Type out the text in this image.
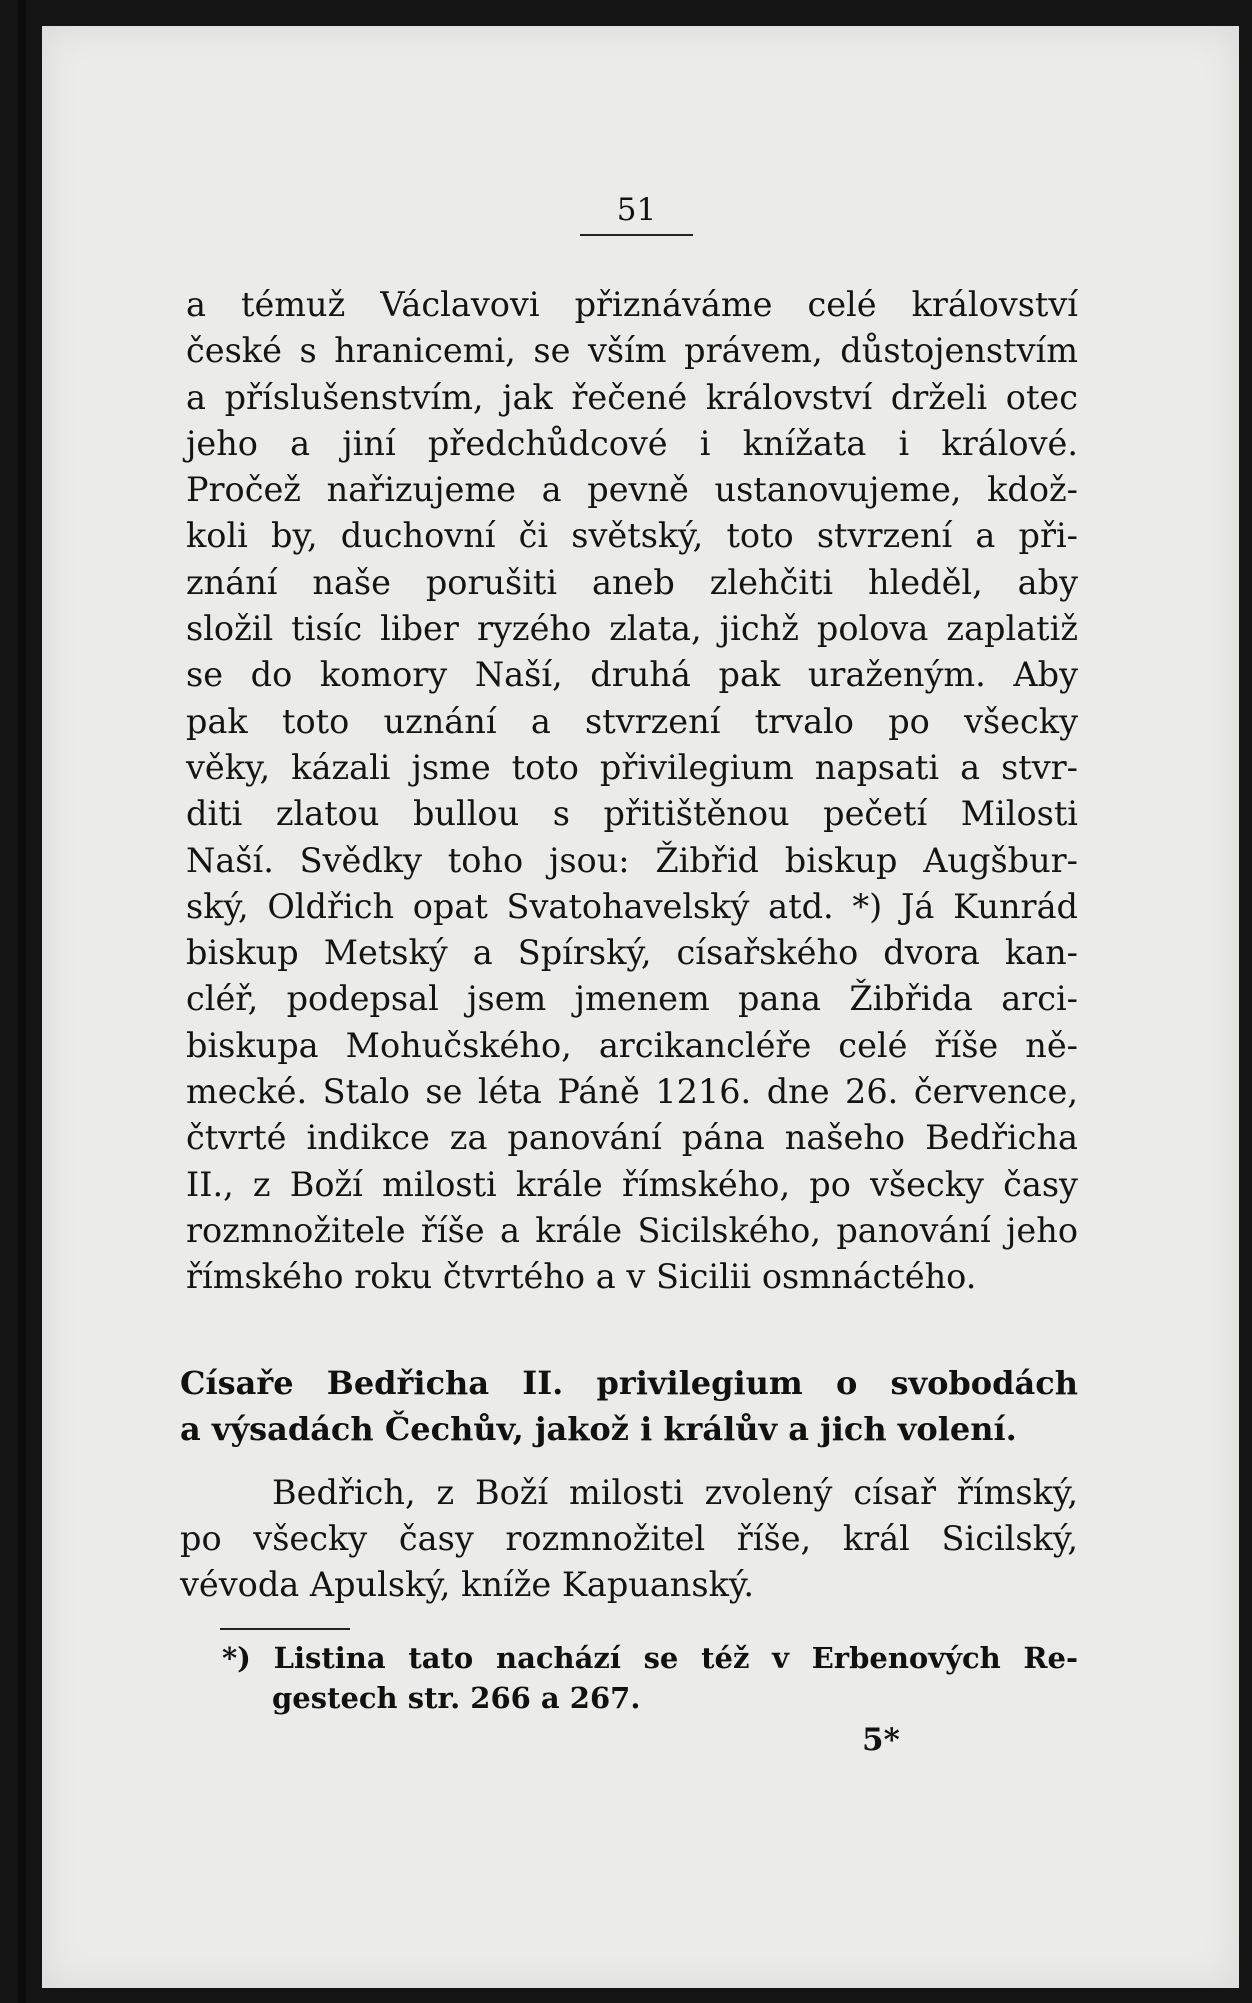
51
a témuž Václavovi přiznáváme celé království
české s hranicemi, se vším právem, důstojenstvím
a příslušenstvím, jak řečené království drželi otec
jeho a jiní předchůdcové i knížata i králové.
Pročež nařizujeme a pevně ustanovujeme, kdož-
koli by, duchovní či světský, toto stvrzení a při-
znání naše porušiti aneb zlehčiti hleděl, aby
složil tisíc liber ryzého zlata, jichž polova zaplatiž
se do komory Naší, druhá pak uraženým. Aby
pak toto uznání a stvrzení trvalo po všecky
věky, kázali jsme toto přivilegium napsati a stvr-
diti zlatou bullou s přitištěnou pečetí Milosti
Naší. Svědky toho jsou: Žibřid biskup Augšbur-
ský, Oldřich opat Svatohavelský atd. *) Já Kunrád
biskup Metský a Spírský, císařského dvora kan-
cléř, podepsal jsem jmenem pana Žibřida arci-
biskupa Mohučského, arcikancléře celé říše ně-
mecké. Stalo se léta Páně 1216. dne 26. července,
čtvrté indikce za panování pána našeho Bedřicha
II., z Boží milosti krále římského, po všecky časy
rozmnožitele říše a krále Sicilského, panování jeho
římského roku čtvrtého a v Sicilii osmnáctého.
Císaře Bedřicha II. privilegium o svobodách
a výsadách Čechův, jakož i králův a jich volení.
Bedřich, z Boží milosti zvolený císař římský,
po všecky časy rozmnožitel říše, král Sicilský,
vévoda Apulský, kníže Kapuanský.
*) Listina tato nachází se též v Erbenových Re-
gestech str. 266 a 267.
5*
